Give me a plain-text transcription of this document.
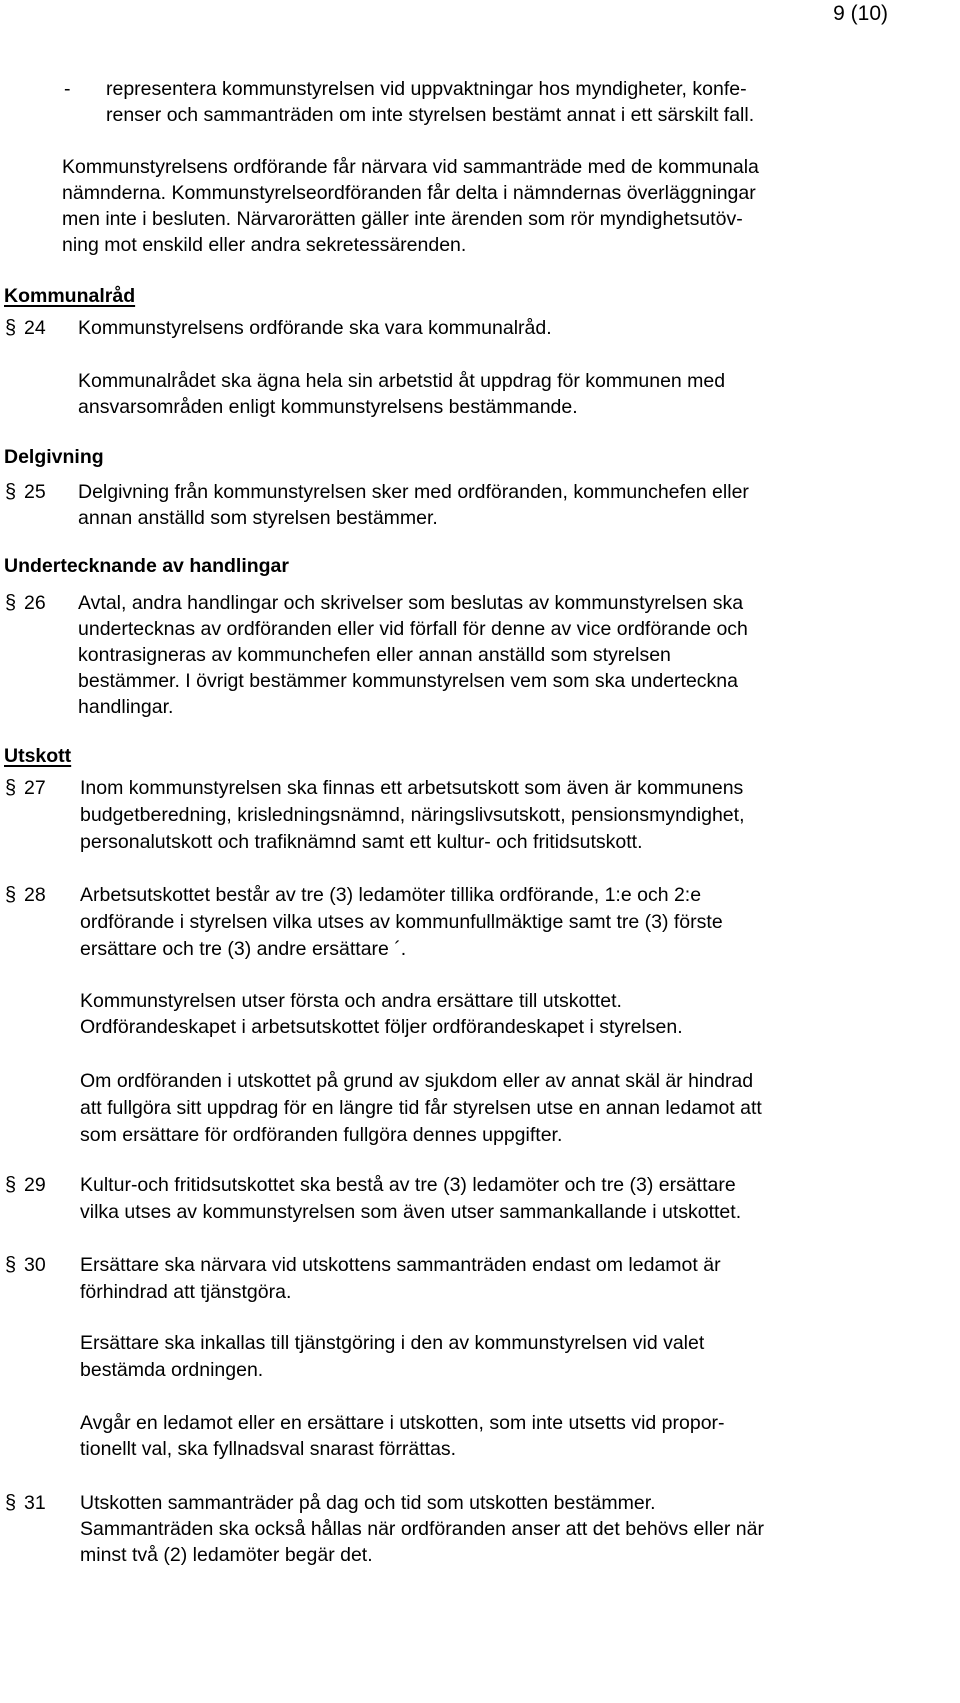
9 (10)
- representera kommunstyrelsen vid uppvaktningar hos myndigheter, konfe-
renser och sammanträden om inte styrelsen bestämt annat i ett särskilt fall.
Kommunstyrelsens ordförande får närvara vid sammanträde med de kommunala
nämnderna. Kommunstyrelseordföranden får delta i nämndernas överläggningar
men inte i besluten. Närvarorätten gäller inte ärenden som rör myndighetsutöv-
ning mot enskild eller andra sekretessärenden.
Kommunalråd
§ 24 Kommunstyrelsens ordförande ska vara kommunalråd.
Kommunalrådet ska ägna hela sin arbetstid åt uppdrag för kommunen med
ansvarsområden enligt kommunstyrelsens bestämmande.
Delgivning
§ 25 Delgivning från kommunstyrelsen sker med ordföranden, kommunchefen eller
annan anställd som styrelsen bestämmer.
Undertecknande av handlingar
§ 26 Avtal, andra handlingar och skrivelser som beslutas av kommunstyrelsen ska
undertecknas av ordföranden eller vid förfall för denne av vice ordförande och
kontrasigneras av kommunchefen eller annan anställd som styrelsen
bestämmer. I övrigt bestämmer kommunstyrelsen vem som ska underteckna
handlingar.
Utskott
§ 27 Inom kommunstyrelsen ska finnas ett arbetsutskott som även är kommunens
budgetberedning, krisledningsnämnd, näringslivsutskott, pensionsmyndighet,
personalutskott och trafiknämnd samt ett kultur- och fritidsutskott.
§ 28 Arbetsutskottet består av tre (3) ledamöter tillika ordförande, 1:e och 2:e
ordförande i styrelsen vilka utses av kommunfullmäktige samt tre (3) förste
ersättare och tre (3) andre ersättare ´.
Kommunstyrelsen utser första och andra ersättare till utskottet.
Ordförandeskapet i arbetsutskottet följer ordförandeskapet i styrelsen.
Om ordföranden i utskottet på grund av sjukdom eller av annat skäl är hindrad
att fullgöra sitt uppdrag för en längre tid får styrelsen utse en annan ledamot att
som ersättare för ordföranden fullgöra dennes uppgifter.
§ 29 Kultur-och fritidsutskottet ska bestå av tre (3) ledamöter och tre (3) ersättare
vilka utses av kommunstyrelsen som även utser sammankallande i utskottet.
§ 30 Ersättare ska närvara vid utskottens sammanträden endast om ledamot är
förhindrad att tjänstgöra.
Ersättare ska inkallas till tjänstgöring i den av kommunstyrelsen vid valet
bestämda ordningen.
Avgår en ledamot eller en ersättare i utskotten, som inte utsetts vid propor-
tionellt val, ska fyllnadsval snarast förrättas.
§ 31 Utskotten sammanträder på dag och tid som utskotten bestämmer.
Sammanträden ska också hållas när ordföranden anser att det behövs eller när
minst två (2) ledamöter begär det.
